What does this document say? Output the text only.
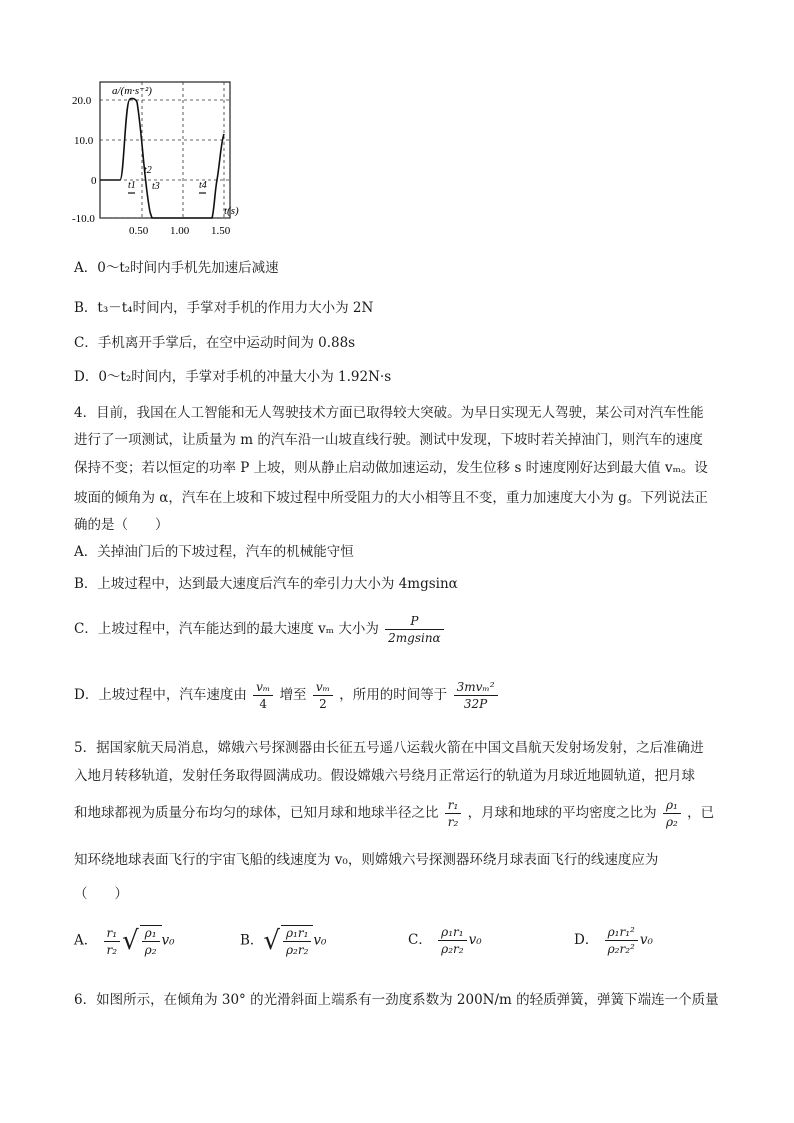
20.0
10.0
0
-10.0
0.50 1.00 1.50
a/(m·s⁻²)
t(s)
t1
t2
t3	t4
A．0～t₂时间内手机先加速后减速
B．t₃－t₄时间内，手掌对手机的作用力大小为 2N
C．手机离开手掌后，在空中运动时间为 0.88s
D．0～t₂时间内，手掌对手机的冲量大小为 1.92N·s
4．目前，我国在人工智能和无人驾驶技术方面已取得较大突破。为早日实现无人驾驶，某公司对汽车性能
进行了一项测试，让质量为 m 的汽车沿一山坡直线行驶。测试中发现，下坡时若关掉油门，则汽车的速度
保持不变；若以恒定的功率 P 上坡，则从静止启动做加速运动，发生位移 s 时速度刚好达到最大值 vₘ。设
坡面的倾角为 α，汽车在上坡和下坡过程中所受阻力的大小相等且不变，重力加速度大小为 g。下列说法正
确的是（　　）
A．关掉油门后的下坡过程，汽车的机械能守恒
B．上坡过程中，达到最大速度后汽车的牵引力大小为 4mgsinα
C．上坡过程中，汽车能达到的最大速度 vₘ 大小为 $\frac{P}{2mgsin\alpha}$
D．上坡过程中，汽车速度由 $\frac{\text{vₘ}}{4}$ 增至 $\frac{\text{vₘ}}{2}$ ，所用的时间等于 $\frac{\text{3mvₘ²}}{32P}$
5．据国家航天局消息，嫦娥六号探测器由长征五号遥八运载火箭在中国文昌航天发射场发射，之后准确进
入地月转移轨道，发射任务取得圆满成功。假设嫦娥六号绕月正常运行的轨道为月球近地圆轨道，把月球
和地球都视为质量分布均匀的球体，已知月球和地球半径之比 $\frac{\text{r₁}}{\text{r₂}}$ ，月球和地球的平均密度之比为 $\frac{\text{ρ₁}}{\text{ρ₂}}$ ，已
知环绕地球表面飞行的宇宙飞船的线速度为 v₀，则嫦娥六号探测器环绕月球表面飞行的线速度应为
（　　）
A． $\frac{\text{r₁}}{\text{r₂}}$ √ $\frac{\text{ρ₁}}{\text{ρ₂}} v_0$	B．√ $\frac{\text{ρ₁r₁}}{\text{ρ₂r₂}} v_0$	C． $\frac{\text{ρ₁r₁}}{\text{ρ₂r₂}} v_0$	D． $\frac{\text{ρ₁r₁²}}{\text{ρ₂r₂²}} v_0$
6．如图所示，在倾角为 30° 的光滑斜面上端系有一劲度系数为 200N/m 的轻质弹簧，弹簧下端连一个质量
